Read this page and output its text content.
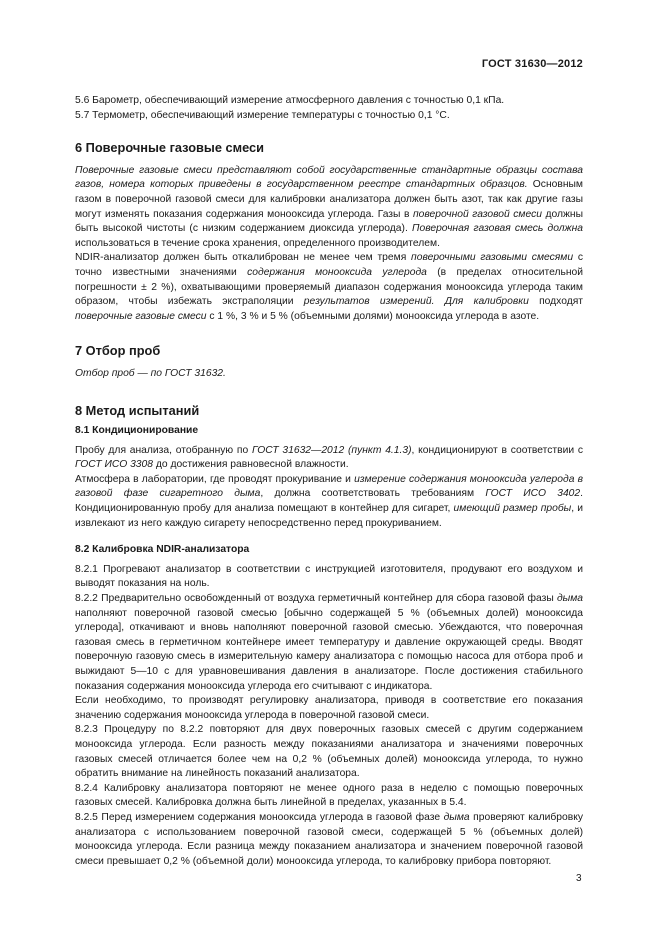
ГОСТ 31630—2012

5.6 Барометр, обеспечивающий измерение атмосферного давления с точностью 0,1 кПа.

5.7 Термометр, обеспечивающий измерение температуры с точностью 0,1 °С.

6 Поверочные газовые смеси

Поверочные газовые смеси представляют собой государственные стандартные образцы состава газов, номера которых приведены в государственном реестре стандартных образцов. Основным газом в поверочной газовой смеси для калибровки анализатора должен быть азот, так как другие газы могут изменять показания содержания монооксида углерода. Газы в поверочной газовой смеси должны быть высокой чистоты (с низким содержанием диоксида углерода). Поверочная газовая смесь должна использоваться в течение срока хранения, определенного производителем.

NDIR-анализатор должен быть откалиброван не менее чем тремя поверочными газовыми смесями с точно известными значениями содержания монооксида углерода (в пределах относительной погрешности ± 2 %), охватывающими проверяемый диапазон содержания монооксида углерода таким образом, чтобы избежать экстраполяции результатов измерений. Для калибровки подходят поверочные газовые смеси с 1 %, 3 % и 5 % (объемными долями) монооксида углерода в азоте.

7 Отбор проб

Отбор проб — по ГОСТ 31632.

8 Метод испытаний

8.1 Кондиционирование

Пробу для анализа, отобранную по ГОСТ 31632—2012 (пункт 4.1.3), кондиционируют в соответствии с ГОСТ ИСО 3308 до достижения равновесной влажности.

Атмосфера в лаборатории, где проводят прокуривание и измерение содержания монооксида углерода в газовой фазе сигаретного дыма, должна соответствовать требованиям ГОСТ ИСО 3402. Кондиционированную пробу для анализа помещают в контейнер для сигарет, имеющий размер пробы, и извлекают из него каждую сигарету непосредственно перед прокуриванием.

8.2 Калибровка NDIR-анализатора

8.2.1 Прогревают анализатор в соответствии с инструкцией изготовителя, продувают его воздухом и выводят показания на ноль.

8.2.2 Предварительно освобожденный от воздуха герметичный контейнер для сбора газовой фазы дыма наполняют поверочной газовой смесью [обычно содержащей 5 % (объемных долей) монооксида углерода], откачивают и вновь наполняют поверочной газовой смесью. Убеждаются, что поверочная газовая смесь в герметичном контейнере имеет температуру и давление окружающей среды. Вводят поверочную газовую смесь в измерительную камеру анализатора с помощью насоса для отбора проб и выжидают 5—10 с для уравновешивания давления в анализаторе. После достижения стабильного показания содержания монооксида углерода его считывают с индикатора.

Если необходимо, то производят регулировку анализатора, приводя в соответствие его показания значению содержания монооксида углерода в поверочной газовой смеси.

8.2.3 Процедуру по 8.2.2 повторяют для двух поверочных газовых смесей с другим содержанием монооксида углерода. Если разность между показаниями анализатора и значениями поверочных газовых смесей отличается более чем на 0,2 % (объемных долей) монооксида углерода, то нужно обратить внимание на линейность показаний анализатора.

8.2.4 Калибровку анализатора повторяют не менее одного раза в неделю с помощью поверочных газовых смесей. Калибровка должна быть линейной в пределах, указанных в 5.4.

8.2.5 Перед измерением содержания монооксида углерода в газовой фазе дыма проверяют калибровку анализатора с использованием поверочной газовой смеси, содержащей 5 % (объемных долей) монооксида углерода. Если разница между показанием анализатора и значением поверочной газовой смеси превышает 0,2 % (объемной доли) монооксида углерода, то калибровку прибора повторяют.

3
